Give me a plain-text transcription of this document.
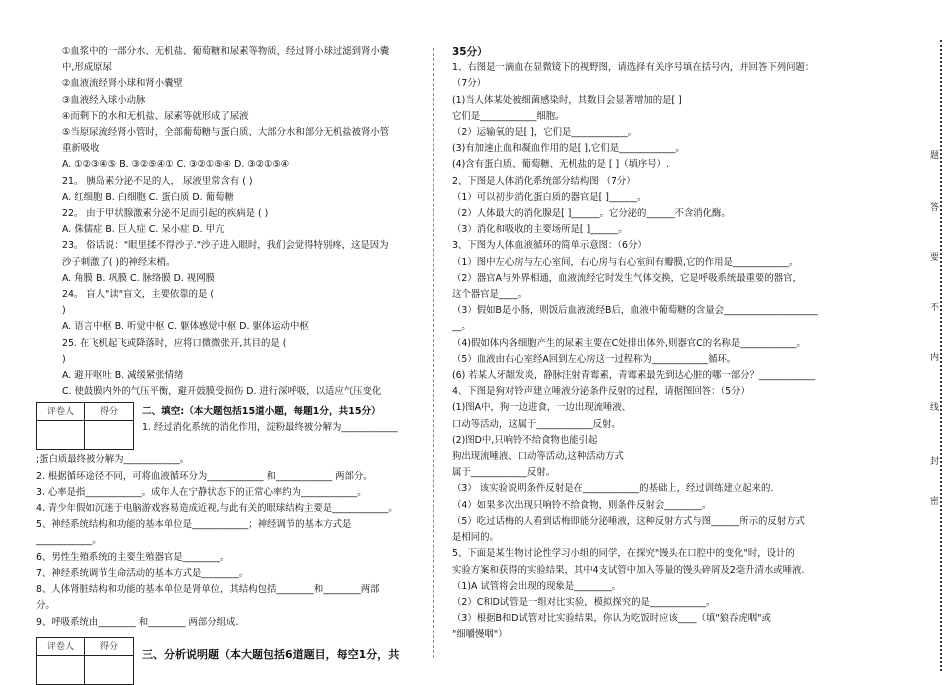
①血浆中的一部分水、无机盐、葡萄糖和尿素等物质，经过肾小球过滤到肾小囊
中,形成原尿
②血液流经肾小球和肾小囊壁
③血液经入球小动脉
④而剩下的水和无机盐、尿素等就形成了尿液
⑤当原尿流经肾小管时，全部葡萄糖与蛋白质、大部分水和部分无机盐被肾小管
重新吸收
A. ①②③④⑤ B. ③②⑤④① C. ③②①⑤④ D. ③②①⑤④
21。 胰岛素分泌不足的人， 尿液里常含有 ( )
A. 红细胞 B. 白细胞 C. 蛋白质 D. 葡萄糖
22。 由于甲状腺激素分泌不足而引起的疾病是 ( )
A. 侏儒症 B. 巨人症 C. 呆小症 D. 甲亢
23。 俗话说："眼里揉不得沙子."沙子进入眼时，我们会觉得特别疼，这是因为
沙子刺激了( )的神经末梢。
A. 角膜 B. 巩膜 C. 脉络膜 D. 视网膜
24。 盲人"读"盲文，主要依靠的是 (
)
A. 语言中枢 B. 听觉中枢 C. 躯体感觉中枢 D. 躯体运动中枢
25. 在飞机起飞或降落时，应将口微微张开,其目的是 (
)
A. 避开呕吐 B. 减缓紧张情绪
C. 使鼓膜内外的气压平衡，避开鼓膜受损伤 D. 进行深呼吸，以适应气压变化
评卷人	得分	二、填空:（本大题包括15道小题，每题1分，共15分）
1. 经过消化系统的消化作用，淀粉最终被分解为____________
;蛋白质最终被分解为____________。
2. 根据循环途径不同，可将血液循环分为____________ 和____________ 两部分。
3. 心率是指____________。成年人在宁静状态下的正常心率约为____________。
4. 青少年假如沉迷于电脑游戏容易造成近视,与此有关的眼球结构主要是____________。
5、神经系统结构和功能的基本单位是____________；神经调节的基本方式是
____________。
6、男性生殖系统的主要生殖器官是________。
7、神经系统调节生命活动的基本方式是________。
8、人体肾脏结构和功能的基本单位是肾单位，其结构包括________和________两部
分。
9、呼吸系统由________ 和________ 两部分组成.
评卷人	得分
三、分析说明题（本大题包括6道题目，每空1分，共
35分）
1、右图是一滴血在显微镜下的视野图，请选择有关序号填在括号内，并回答下列问题：
（7分）
(1)当人体某处被细菌感染时，其数目会显著增加的是[ ]
它们是____________细胞。
（2）运输氧的是[ ]，它们是____________。
(3)有加速止血和凝血作用的是[ ],它们是____________。
(4)含有蛋白质、葡萄糖、无机盐的是 [ ]（填序号）.
2、下图是人体消化系统部分结构图 （7分）
（1）可以初步消化蛋白质的器官是[ ]______。
（2）人体最大的消化腺是[ ]______。它分泌的______不含消化酶。
（3）消化和吸收的主要场所是[ ]______。
3、下图为人体血液循环的简单示意图：（6分）
（1）图中左心房与左心室间，右心房与右心室间有瓣膜,它的作用是____________。
（2）器官A与外界相通，血液流经它时发生气体交换，它是呼吸系统最重要的器官，
这个器官是____。
（3）假如B是小肠，则饭后血液流经B后，血液中葡萄糖的含量会____________________
__。
（4)假如体内各细胞产生的尿素主要在C处排出体外,则器官C的名称是____________。
（5）血液由右心室经A回到左心房这一过程称为____________循环。
(6) 若某人牙龈发炎，静脉注射青霉素，青霉素最先到达心脏的哪一部分？____________
4、下图是狗对铃声建立唾液分泌条件反射的过程，请据图回答：（5分）
(1)图A中，狗一边进食，一边出现流唾液、
口动等活动，这属于____________反射。
(2)图D中,只响铃不给食物也能引起
狗出现流唾液、口动等活动,这种活动方式
属于____________反射。
（3） 该实验说明条件反射是在____________的基础上，经过训练建立起来的.
（4）如果多次出现只响铃不给食物，则条件反射会________。
（5）吃过话梅的人看到话梅即能分泌唾液，这种反射方式与图______所示的反射方式
是相同的。
5、下面是某生物讨论性学习小组的同学，在探究"馒头在口腔中的变化"时，设计的
实验方案和获得的实验结果，其中4支试管中加入等量的馒头碎屑及2毫升清水或唾液.
（1)A 试管将会出现的现象是________。
（2）C和D试管是一组对比实验，模拟探究的是____________。
（3）根据B和D试管对比实验结果，你认为吃饭时应该____（填"狼吞虎咽"或
"细嚼慢咽"）
题
答
要
不
内
线
封
密
